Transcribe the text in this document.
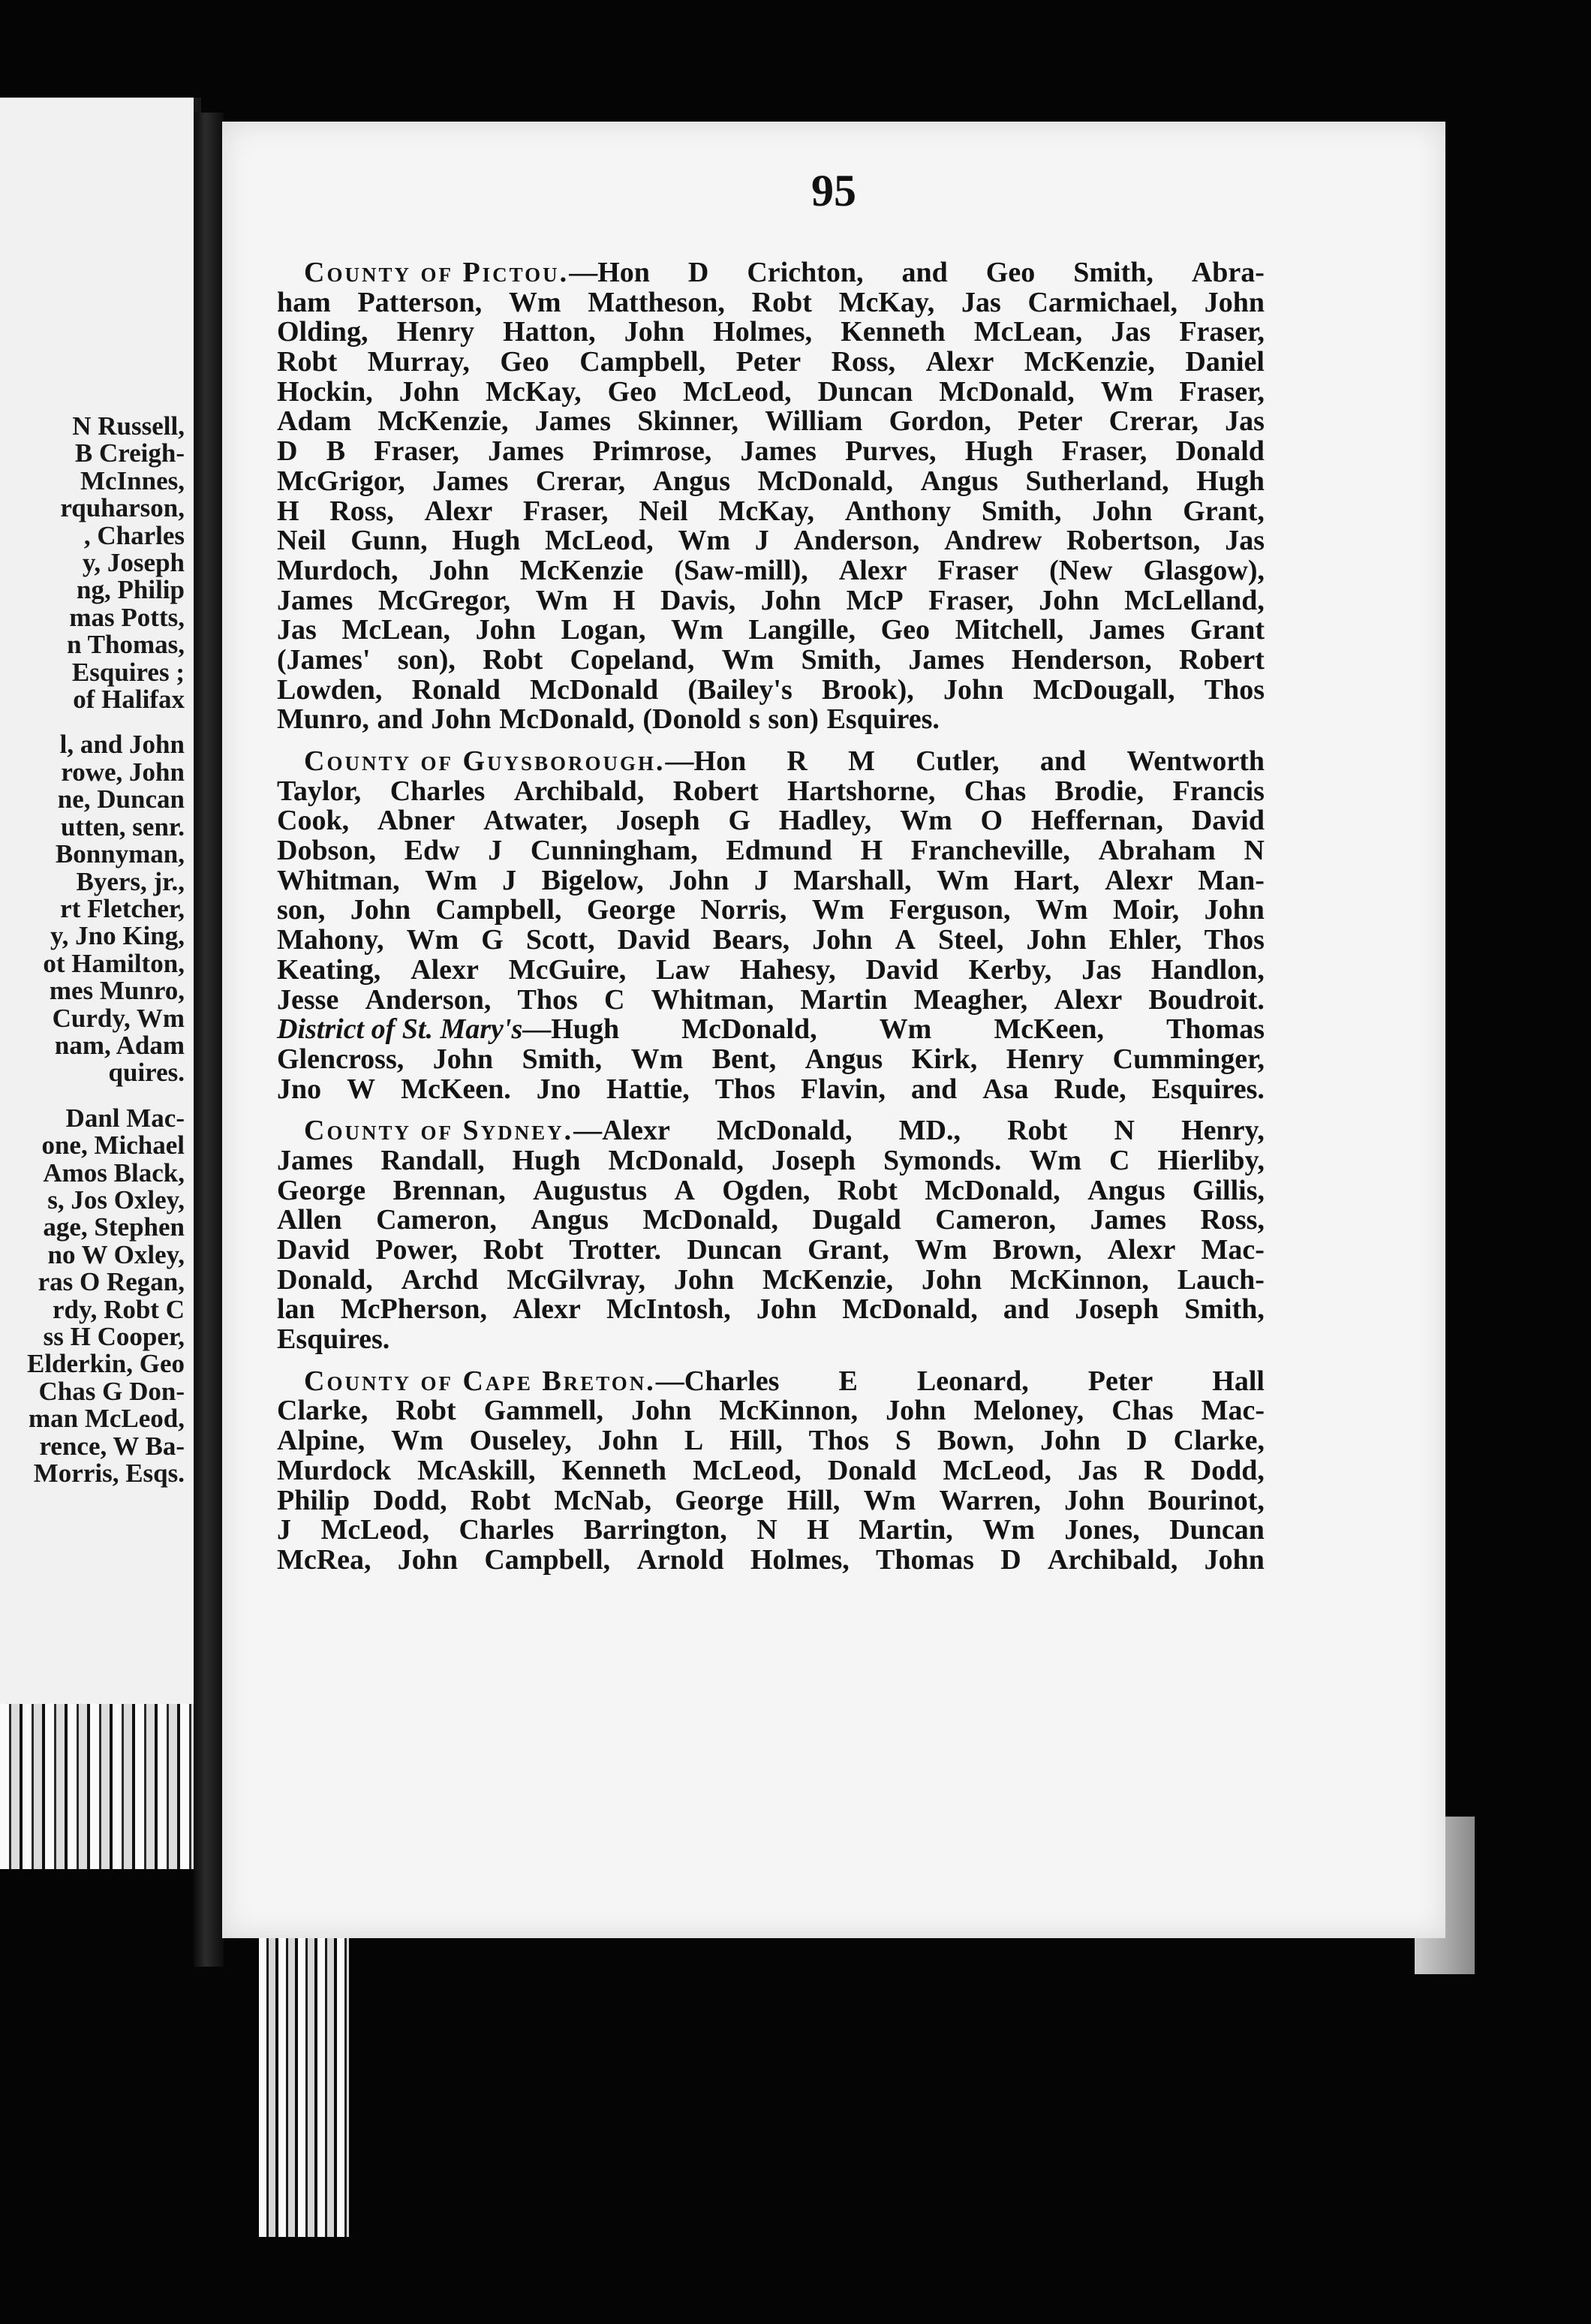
N Russell,
B Creigh-
McInnes,
rquharson,
, Charles
y, Joseph
ng, Philip
mas Potts,
n Thomas,
Esquires ;
of Halifax
l, and John
rowe, John
ne, Duncan
utten, senr.
Bonnyman,
Byers, jr.,
rt Fletcher,
y, Jno King,
ot Hamilton,
mes Munro,
Curdy, Wm
nam, Adam
quires.
Danl Mac-
one, Michael
Amos Black,
s, Jos Oxley,
age, Stephen
no W Oxley,
ras O Regan,
rdy, Robt C
ss H Cooper,
Elderkin, Geo
Chas G Don-
man McLeod,
rence, W Ba-
Morris, Esqs.
95
County of Pictou.—Hon D Crichton, and Geo Smith, Abra-
ham Patterson, Wm Mattheson, Robt McKay, Jas Carmichael, John
Olding, Henry Hatton, John Holmes, Kenneth McLean, Jas Fraser,
Robt Murray, Geo Campbell, Peter Ross, Alexr McKenzie, Daniel
Hockin, John McKay, Geo McLeod, Duncan McDonald, Wm Fraser,
Adam McKenzie, James Skinner, William Gordon, Peter Crerar, Jas
D B Fraser, James Primrose, James Purves, Hugh Fraser, Donald
McGrigor, James Crerar, Angus McDonald, Angus Sutherland, Hugh
H Ross, Alexr Fraser, Neil McKay, Anthony Smith, John Grant,
Neil Gunn, Hugh McLeod, Wm J Anderson, Andrew Robertson, Jas
Murdoch, John McKenzie (Saw-mill), Alexr Fraser (New Glasgow),
James McGregor, Wm H Davis, John McP Fraser, John McLelland,
Jas McLean, John Logan, Wm Langille, Geo Mitchell, James Grant
(James' son), Robt Copeland, Wm Smith, James Henderson, Robert
Lowden, Ronald McDonald (Bailey's Brook), John McDougall, Thos
Munro, and John McDonald, (Donold s son) Esquires.
County of Guysborough.—Hon R M Cutler, and Wentworth
Taylor, Charles Archibald, Robert Hartshorne, Chas Brodie, Francis
Cook, Abner Atwater, Joseph G Hadley, Wm O Heffernan, David
Dobson, Edw J Cunningham, Edmund H Francheville, Abraham N
Whitman, Wm J Bigelow, John J Marshall, Wm Hart, Alexr Man-
son, John Campbell, George Norris, Wm Ferguson, Wm Moir, John
Mahony, Wm G Scott, David Bears, John A Steel, John Ehler, Thos
Keating, Alexr McGuire, Law Hahesy, David Kerby, Jas Handlon,
Jesse Anderson, Thos C Whitman, Martin Meagher, Alexr Boudroit.
District of St. Mary's—Hugh McDonald, Wm McKeen, Thomas
Glencross, John Smith, Wm Bent, Angus Kirk, Henry Cumminger,
Jno W McKeen. Jno Hattie, Thos Flavin, and Asa Rude, Esquires.
County of Sydney.—Alexr McDonald, MD., Robt N Henry,
James Randall, Hugh McDonald, Joseph Symonds. Wm C Hierliby,
George Brennan, Augustus A Ogden, Robt McDonald, Angus Gillis,
Allen Cameron, Angus McDonald, Dugald Cameron, James Ross,
David Power, Robt Trotter. Duncan Grant, Wm Brown, Alexr Mac-
Donald, Archd McGilvray, John McKenzie, John McKinnon, Lauch-
lan McPherson, Alexr McIntosh, John McDonald, and Joseph Smith,
Esquires.
County of Cape Breton.—Charles E Leonard, Peter Hall
Clarke, Robt Gammell, John McKinnon, John Meloney, Chas Mac-
Alpine, Wm Ouseley, John L Hill, Thos S Bown, John D Clarke,
Murdock McAskill, Kenneth McLeod, Donald McLeod, Jas R Dodd,
Philip Dodd, Robt McNab, George Hill, Wm Warren, John Bourinot,
J McLeod, Charles Barrington, N H Martin, Wm Jones, Duncan
McRea, John Campbell, Arnold Holmes, Thomas D Archibald, John
